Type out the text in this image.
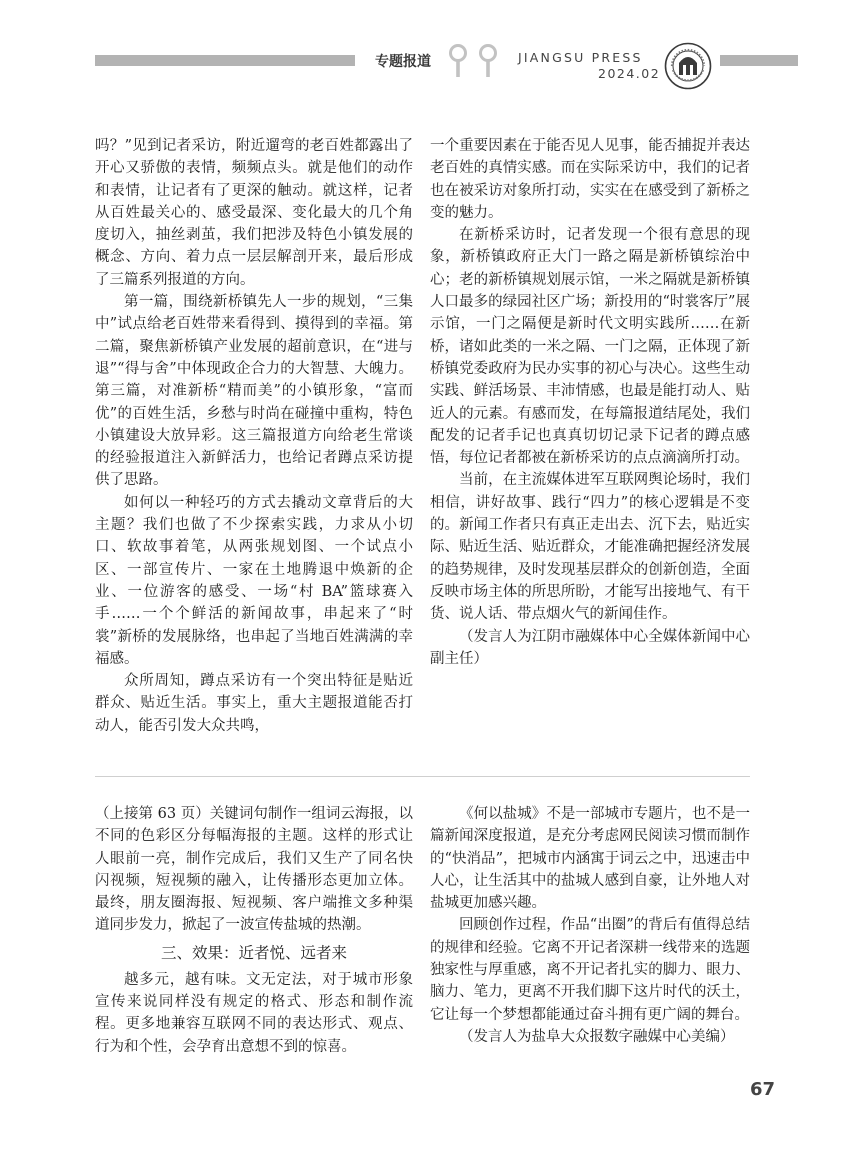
专题报道	JIANGSU PRESS
2024.02

吗？”见到记者采访，附近遛弯的老百姓都露出了开心又骄傲的表情，频频点头。就是他们的动作和表情，让记者有了更深的触动。就这样，记者从百姓最关心的、感受最深、变化最大的几个角度切入，抽丝剥茧，我们把涉及特色小镇发展的概念、方向、着力点一层层解剖开来，最后形成了三篇系列报道的方向。

第一篇，围绕新桥镇先人一步的规划，“三集中”试点给老百姓带来看得到、摸得到的幸福。第二篇，聚焦新桥镇产业发展的超前意识，在“进与退”“得与舍”中体现政企合力的大智慧、大魄力。第三篇，对准新桥“精而美”的小镇形象，“富而优”的百姓生活，乡愁与时尚在碰撞中重构，特色小镇建设大放异彩。这三篇报道方向给老生常谈的经验报道注入新鲜活力，也给记者蹲点采访提供了思路。

如何以一种轻巧的方式去撬动文章背后的大主题？我们也做了不少探索实践，力求从小切口、软故事着笔，从两张规划图、一个试点小区、一部宣传片、一家在土地腾退中焕新的企业、一位游客的感受、一场“村 BA”篮球赛入手……一个个鲜活的新闻故事，串起来了“时裳”新桥的发展脉络，也串起了当地百姓满满的幸福感。

众所周知，蹲点采访有一个突出特征是贴近群众、贴近生活。事实上，重大主题报道能否打动人，能否引发大众共鸣，

一个重要因素在于能否见人见事，能否捕捉并表达老百姓的真情实感。而在实际采访中，我们的记者也在被采访对象所打动，实实在在感受到了新桥之变的魅力。

在新桥采访时，记者发现一个很有意思的现象，新桥镇政府正大门一路之隔是新桥镇综治中心；老的新桥镇规划展示馆，一米之隔就是新桥镇人口最多的绿园社区广场；新投用的“时裳客厅”展示馆，一门之隔便是新时代文明实践所……在新桥，诸如此类的一米之隔、一门之隔，正体现了新桥镇党委政府为民办实事的初心与决心。这些生动实践、鲜活场景、丰沛情感，也最是能打动人、贴近人的元素。有感而发，在每篇报道结尾处，我们配发的记者手记也真真切切记录下记者的蹲点感悟，每位记者都被在新桥采访的点点滴滴所打动。

当前，在主流媒体进军互联网舆论场时，我们相信，讲好故事、践行“四力”的核心逻辑是不变的。新闻工作者只有真正走出去、沉下去，贴近实际、贴近生活、贴近群众，才能准确把握经济发展的趋势规律，及时发现基层群众的创新创造，全面反映市场主体的所思所盼，才能写出接地气、有干货、说人话、带点烟火气的新闻佳作。

（发言人为江阴市融媒体中心全媒体新闻中心副主任）

（上接第 63 页）关键词句制作一组词云海报，以不同的色彩区分每幅海报的主题。这样的形式让人眼前一亮，制作完成后，我们又生产了同名快闪视频，短视频的融入，让传播形态更加立体。最终，朋友圈海报、短视频、客户端推文多种渠道同步发力，掀起了一波宣传盐城的热潮。

三、效果：近者悦、远者来

越多元，越有味。文无定法，对于城市形象宣传来说同样没有规定的格式、形态和制作流程。更多地兼容互联网不同的表达形式、观点、行为和个性，会孕育出意想不到的惊喜。

《何以盐城》不是一部城市专题片，也不是一篇新闻深度报道，是充分考虑网民阅读习惯而制作的“快消品”，把城市内涵寓于词云之中，迅速击中人心，让生活其中的盐城人感到自豪，让外地人对盐城更加感兴趣。

回顾创作过程，作品“出圈”的背后有值得总结的规律和经验。它离不开记者深耕一线带来的选题独家性与厚重感，离不开记者扎实的脚力、眼力、脑力、笔力，更离不开我们脚下这片时代的沃土，它让每一个梦想都能通过奋斗拥有更广阔的舞台。

（发言人为盐阜大众报数字融媒中心美编）

67
